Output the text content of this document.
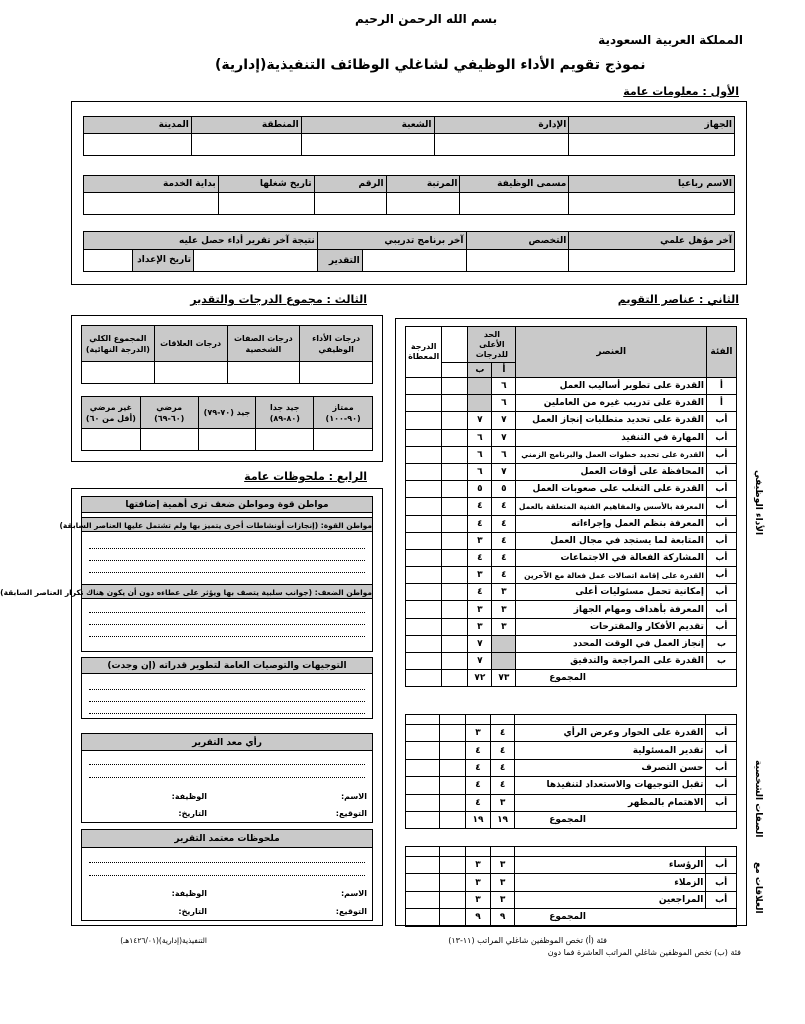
بسم الله الرحمن الرحيم
المملكة العربية السعودية
نموذج تقويم الأداء الوظيفي لشاغلي الوظائف التنفيذية(إدارية)
الأول : معلومات عامة
الجهاز	الإدارة	الشعبة	المنطقة	المدينة

الاسم رباعيا	مسمى الوظيفة	المرتبة	الرقم	تاريخ شغلها	بداية الخدمة

آخر مؤهل علمي	التخصص	آخر برنامج تدريبي		نتيجة آخر تقرير أداء حصل عليه	
			التقدير		تاريخ الإعداد
الثاني : عناصر التقويم
الأداء الوظيفي
الصفات الشخصية
العلاقات مع
الفئة	العنصر	الحد الأعلى للدرجات			الدرجة المعطاة
		أ	ب		
أ	القدرة على تطوير أساليب العمل	٦			
أ	القدرة على تدريب غيره من العاملين	٦			
أب	القدرة على تحديد متطلبات إنجاز العمل	٧	٧		
أب	المهارة في التنفيذ	٧	٦		
أب	القدرة على تحديد خطوات العمل والبرنامج الزمني	٦	٦		
أب	المحافظة على أوقات العمل	٧	٦		
أب	القدرة على التغلب على صعوبات العمل	٥	٥		
أب	المعرفة بالأسس والمفاهيم الفنية المتعلقة بالعمل	٤	٤		
أب	المعرفة بنظم العمل وإجراءاته	٤	٤		
أب	المتابعة لما يستجد في مجال العمل	٤	٣		
أب	المشاركة الفعالة في الاجتماعات	٤	٤		
أب	القدرة على إقامة اتصالات عمل فعالة مع الآخرين	٤	٣		
أب	إمكانية تحمل مسئوليات أعلى	٣	٤		
أب	المعرفة بأهداف ومهام الجهاز	٣	٣		
أب	تقديم الأفكار والمقترحات	٣	٣		
ب	إنجاز العمل في الوقت المحدد		٧		
ب	القدرة على المراجعة والتدقيق		٧		
المجموع		٧٣	٧٢		

أب	القدرة على الحوار وعرض الرأي	٤	٣		
أب	تقدير المسئولية	٤	٤		
أب	حسن التصرف	٤	٤		
أب	تقبل التوجيهات والاستعداد لتنفيذها	٤	٤		
أب	الاهتمام بالمظهر	٣	٤		
المجموع		١٩	١٩		

أب	الرؤساء	٣	٣		
أب	الزملاء	٣	٣		
أب	المراجعين	٣	٣		
المجموع		٩	٩		
الثالث : مجموع الدرجات والتقدير
درجات الأداء الوظيفي	درجات الصفات الشخصية	درجات العلاقات	المجموع الكلي (الدرجة النهائية)

ممتاز (٩٠-١٠٠)	جيد جدا (٨٠-٨٩)	جيد (٧٠-٧٩)	مرضي (٦٠-٦٩)	غير مرضي (أقل من ٦٠)

الرابع : ملحوظات عامة
مواطن قوة ومواطن ضعف ترى أهمية إضافتها
مواطن القوة: (إنجازات أونشاطات أخرى يتميز بها ولم تشتمل عليها العناصر السابقة)
مواطن الضعف: (جوانب سلبية يتصف بها ويؤثر على عطاءه دون أن يكون هناك تكرار العناصر السابقة)
التوجيهات والتوصيات العامة لتطوير قدراته (إن وجدت)
رأي معد التقرير
الاسم:
الوظيفة:
التوقيع:
التاريخ:
ملحوظات معتمد التقرير
الاسم:
الوظيفة:
التوقيع:
التاريخ:
فئة (أ) تخص الموظفين شاغلي المراتب (١١-١٣)
فئة (ب) تخص الموظفين شاغلي المراتب العاشرة فما دون
التنفيذية(إدارية)(١٤٢٦/٠١هـ)
